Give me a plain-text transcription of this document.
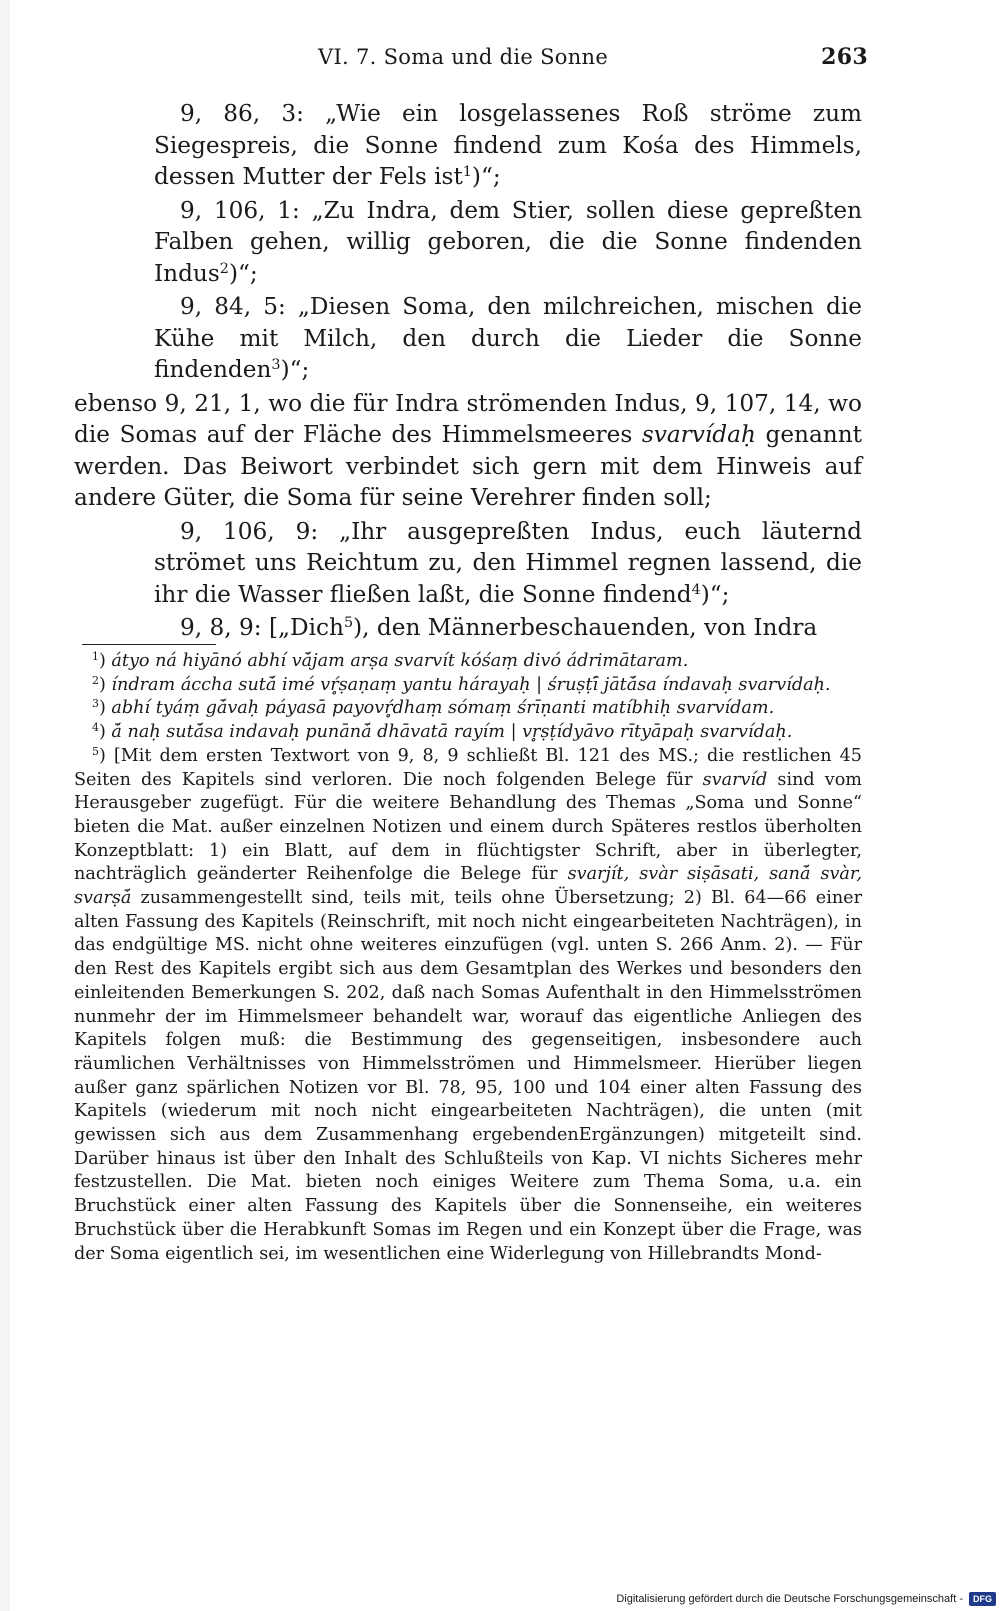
VI. 7. Soma und die Sonne	263

9, 86, 3: „Wie ein losgelassenes Roß ströme zum Siegespreis, die Sonne findend zum Kośa des Himmels, dessen Mutter der Fels ist$^1$)“;

9, 106, 1: „Zu Indra, dem Stier, sollen diese gepreßten Falben gehen, willig geboren, die die Sonne findenden Indus$^2$)“;

9, 84, 5: „Diesen Soma, den milchreichen, mischen die Kühe mit Milch, den durch die Lieder die Sonne findenden$^3$)“;

ebenso 9, 21, 1, wo die für Indra strömenden Indus, 9, 107, 14, wo die Somas auf der Fläche des Himmelsmeeres svarvídaḥ genannt werden. Das Beiwort verbindet sich gern mit dem Hinweis auf andere Güter, die Soma für seine Verehrer finden soll;

9, 106, 9: „Ihr ausgepreßten Indus, euch läuternd strömet uns Reichtum zu, den Himmel regnen lassend, die ihr die Wasser fließen laßt, die Sonne findend$^4$)“;

9, 8, 9: [„Dich$^5$), den Männerbeschauenden, von Indra

$^1$) átyo ná hiyānó abhí vā́jam arṣa svarvít kóśaṃ divó ádrimātaram.

$^2$) índram áccha sutā́ imé vŕ̥ṣaṇaṃ yantu hárayaḥ | śruṣṭī́ jātā́sa índavaḥ svarvídaḥ.

$^3$) abhí tyáṃ gā́vaḥ páyasā payovŕ̥dhaṃ sómaṃ śrīṇanti matíbhiḥ svarvídam.

$^4$) ā́ naḥ sutā́sa indavaḥ punānā́ dhāvatā rayím | vr̥ṣṭídyāvo rītyāpaḥ svarvídaḥ.

$^5$) [Mit dem ersten Textwort von 9, 8, 9 schließt Bl. 121 des MS.; die restlichen 45 Seiten des Kapitels sind verloren. Die noch folgenden Belege für svarvíd sind vom Herausgeber zugefügt. Für die weitere Behandlung des Themas „Soma und Sonne“ bieten die Mat. außer einzelnen Notizen und einem durch Späteres restlos überholten Konzeptblatt: 1) ein Blatt, auf dem in flüchtigster Schrift, aber in überlegter, nachträglich geänderter Reihenfolge die Belege für svarjít, svàr siṣāsati, sanā́ svàr, svarṣā́ zusammengestellt sind, teils mit, teils ohne Übersetzung; 2) Bl. 64—66 einer alten Fassung des Kapitels (Reinschrift, mit noch nicht eingearbeiteten Nachträgen), in das endgültige MS. nicht ohne weiteres einzufügen (vgl. unten S. 266 Anm. 2). — Für den Rest des Kapitels ergibt sich aus dem Gesamtplan des Werkes und besonders den einleitenden Bemerkungen S. 202, daß nach Somas Aufenthalt in den Himmelsströmen nunmehr der im Himmelsmeer behandelt war, worauf das eigentliche Anliegen des Kapitels folgen muß: die Bestimmung des gegenseitigen, insbesondere auch räumlichen Verhältnisses von Himmelsströmen und Himmelsmeer. Hierüber liegen außer ganz spärlichen Notizen vor Bl. 78, 95, 100 und 104 einer alten Fassung des Kapitels (wiederum mit noch nicht eingearbeiteten Nachträgen), die unten (mit gewissen sich aus dem Zusammenhang ergebendenErgänzungen) mitgeteilt sind. Darüber hinaus ist über den Inhalt des Schlußteils von Kap. VI nichts Sicheres mehr festzustellen. Die Mat. bieten noch einiges Weitere zum Thema Soma, u.a. ein Bruchstück einer alten Fassung des Kapitels über die Sonnenseihe, ein weiteres Bruchstück über die Herabkunft Somas im Regen und ein Konzept über die Frage, was der Soma eigentlich sei, im wesentlichen eine Widerlegung von Hillebrandts Mond-

Digitalisierung gefördert durch die Deutsche Forschungsgemeinschaft -	DFG
